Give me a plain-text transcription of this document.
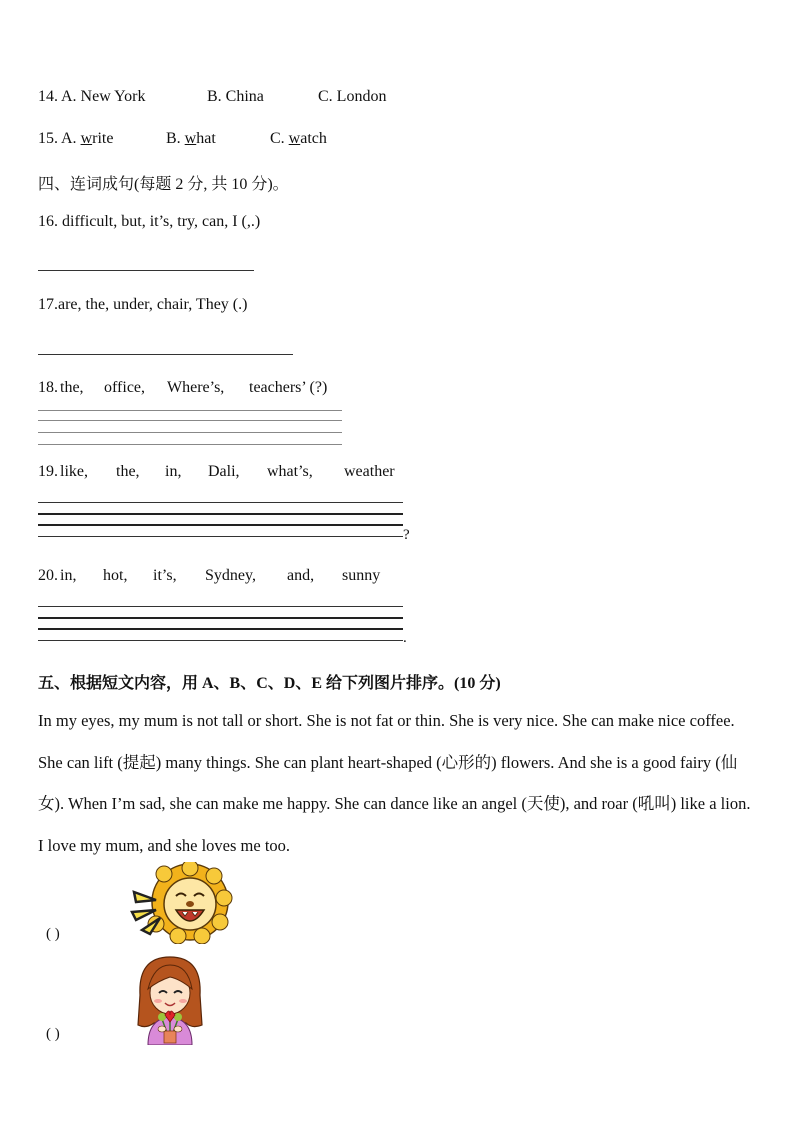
14. A. New York	B. China	C. London
15. A. write	B. what	C. watch
四、连词成句(每题 2 分, 共 10 分)。
16. difficult, but, it’s, try, can, I (,.)
17.are, the, under, chair, They (.)
18. the, office, Where’s, teachers’ (?)
19. like, the, in, Dali, what’s, weather
?
20. in, hot, it’s, Sydney, and, sunny
.
五、根据短文内容，用 A、B、C、D、E 给下列图片排序。(10 分)
In my eyes, my mum is not tall or short. She is not fat or thin. She is very nice. She can make nice coffee. She can lift (提起) many things. She can plant heart-shaped (心形的) flowers. And she is a good fairy (仙女). When I’m sad, she can make me happy. She can dance like an angel (天使), and roar (吼叫) like a lion. I love my mum, and she loves me too.
( )
( )
